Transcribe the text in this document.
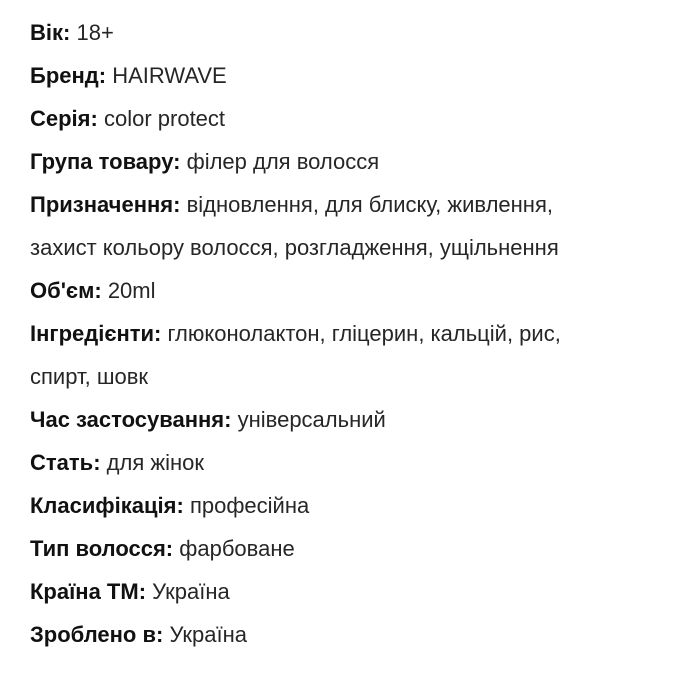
Вік: 18+
Бренд: HAIRWAVE
Серія: color protect
Група товару: філер для волосся
Призначення: відновлення, для блиску, живлення,
захист кольору волосся, розгладження, ущільнення
Об'єм: 20ml
Інгредієнти: глюконолактон, гліцерин, кальцій, рис,
спирт, шовк
Час застосування: універсальний
Стать: для жінок
Класифікація: професійна
Тип волосся: фарбоване
Країна ТМ: Україна
Зроблено в: Україна
